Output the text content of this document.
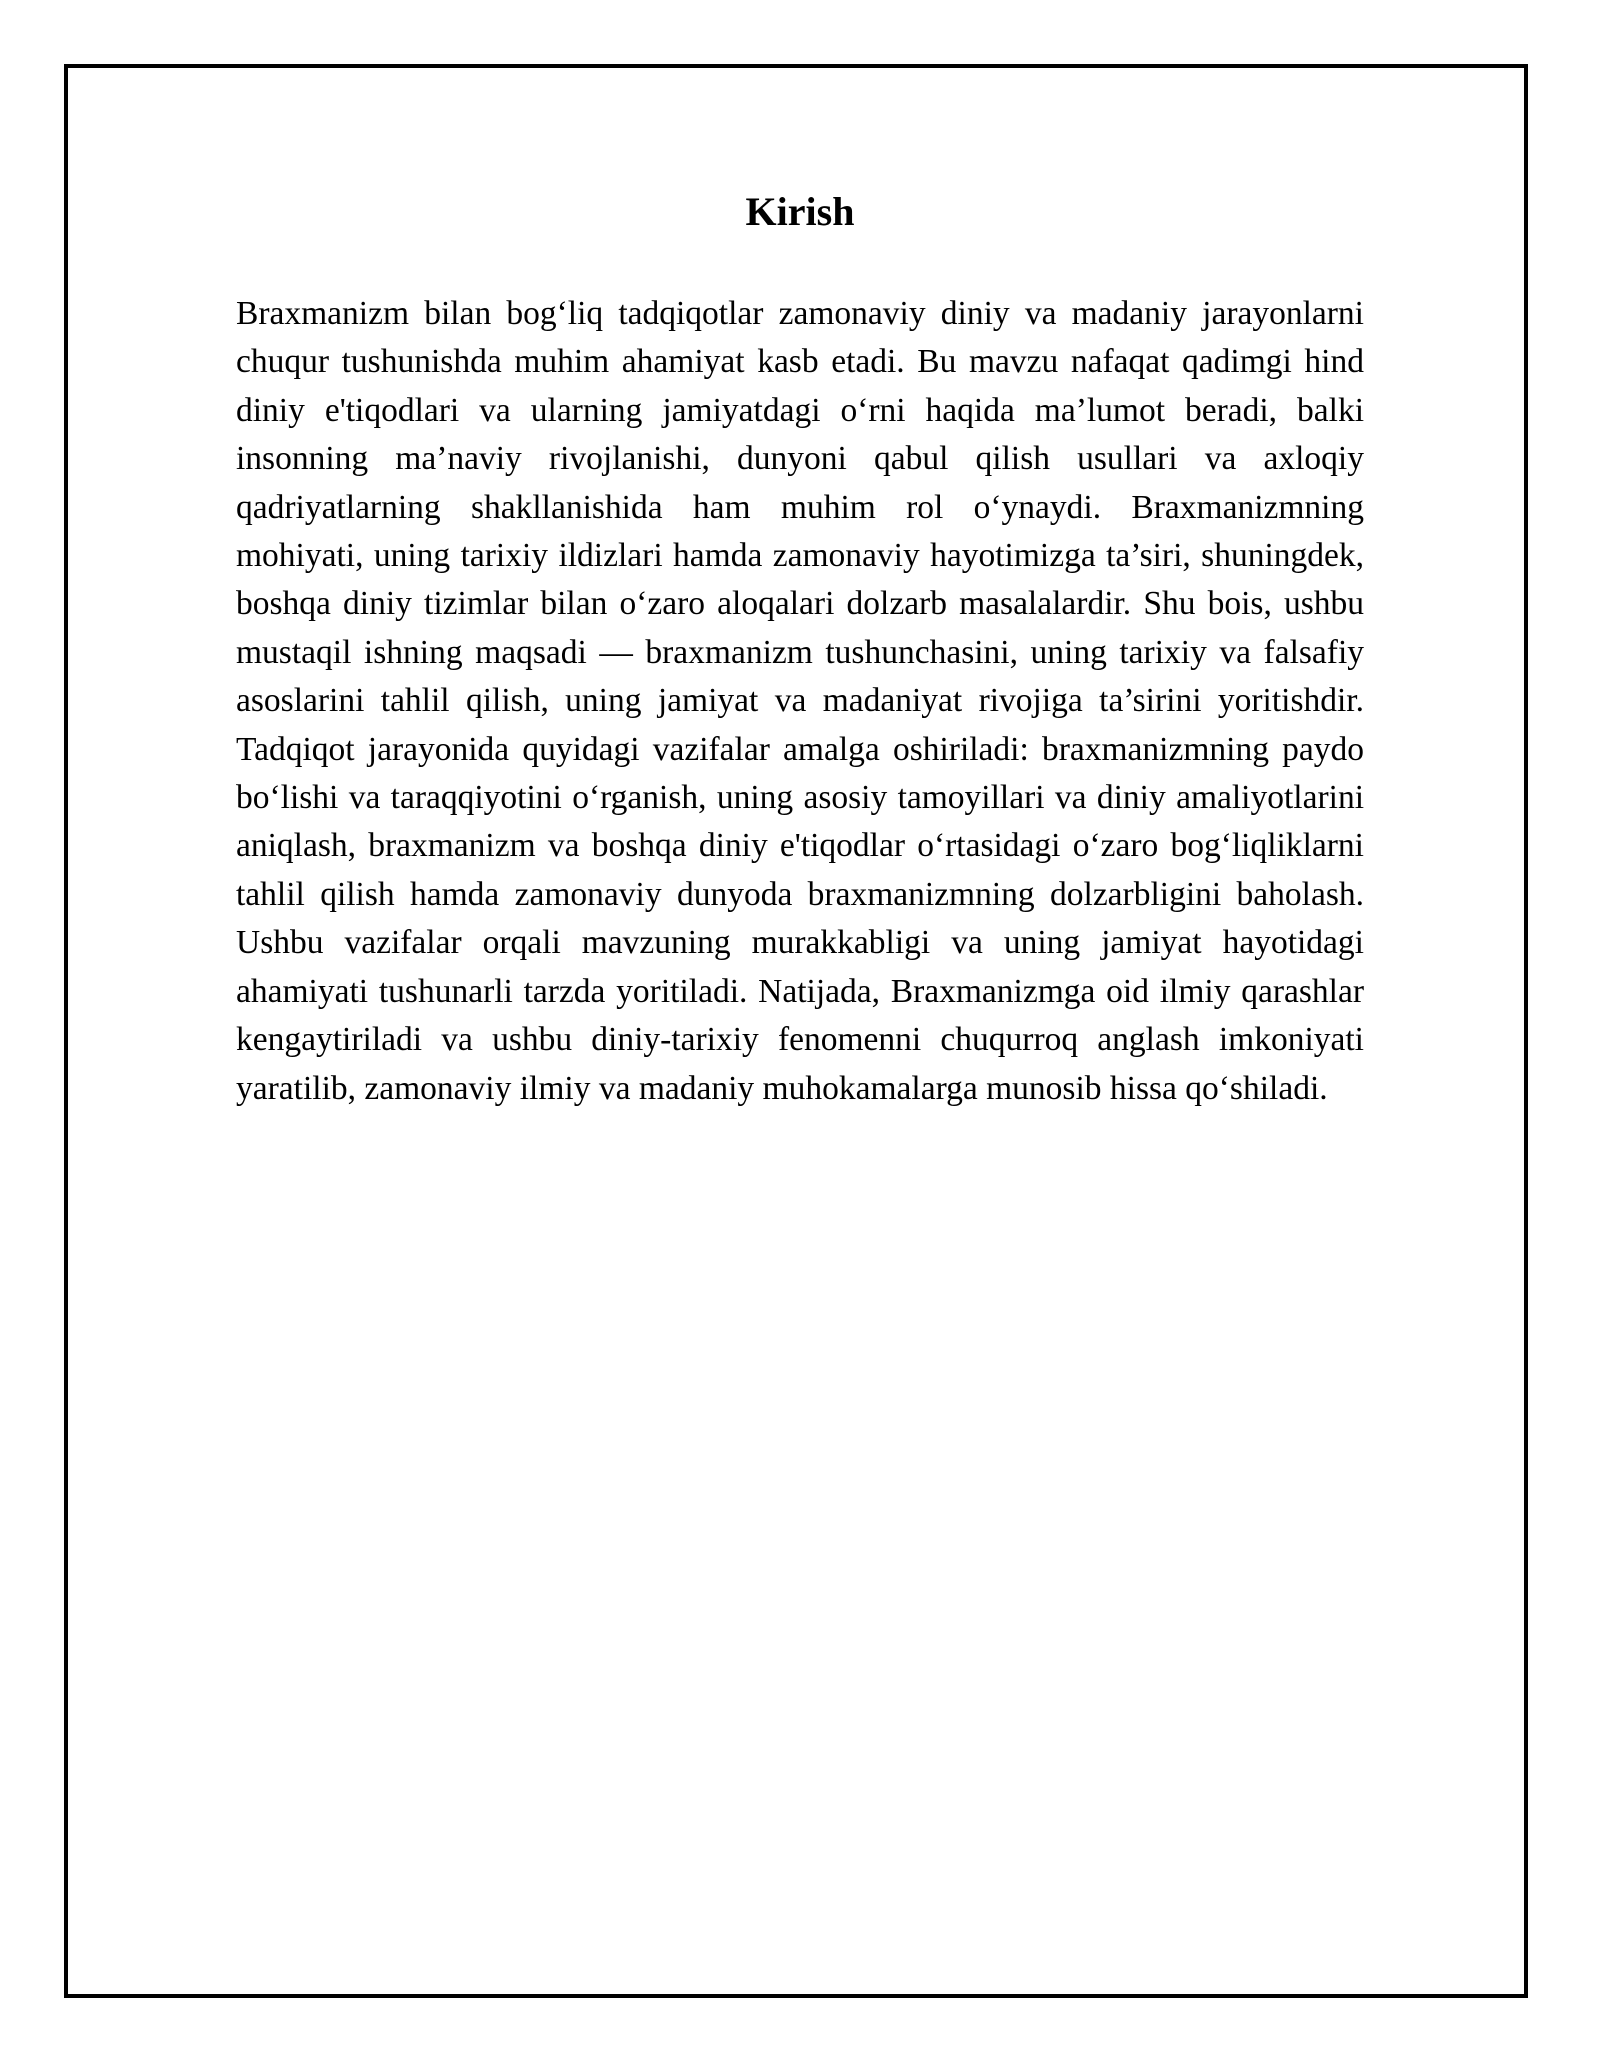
Kirish

Braxmanizm bilan bog‘liq tadqiqotlar zamonaviy diniy va madaniy jarayonlarni chuqur tushunishda muhim ahamiyat kasb etadi. Bu mavzu nafaqat qadimgi hind diniy e'tiqodlari va ularning jamiyatdagi o‘rni haqida ma’lumot beradi, balki insonning ma’naviy rivojlanishi, dunyoni qabul qilish usullari va axloqiy qadriyatlarning shakllanishida ham muhim rol o‘ynaydi. Braxmanizmning mohiyati, uning tarixiy ildizlari hamda zamonaviy hayotimizga ta’siri, shuningdek, boshqa diniy tizimlar bilan o‘zaro aloqalari dolzarb masalalardir. Shu bois, ushbu mustaqil ishning maqsadi — braxmanizm tushunchasini, uning tarixiy va falsafiy asoslarini tahlil qilish, uning jamiyat va madaniyat rivojiga ta’sirini yoritishdir. Tadqiqot jarayonida quyidagi vazifalar amalga oshiriladi: braxmanizmning paydo bo‘lishi va taraqqiyotini o‘rganish, uning asosiy tamoyillari va diniy amaliyotlarini aniqlash, braxmanizm va boshqa diniy e'tiqodlar o‘rtasidagi o‘zaro bog‘liqliklarni tahlil qilish hamda zamonaviy dunyoda braxmanizmning dolzarbligini baholash. Ushbu vazifalar orqali mavzuning murakkabligi va uning jamiyat hayotidagi ahamiyati tushunarli tarzda yoritiladi. Natijada, Braxmanizmga oid ilmiy qarashlar kengaytiriladi va ushbu diniy-tarixiy fenomenni chuqurroq anglash imkoniyati yaratilib, zamonaviy ilmiy va madaniy muhokamalarga munosib hissa qo‘shiladi.
